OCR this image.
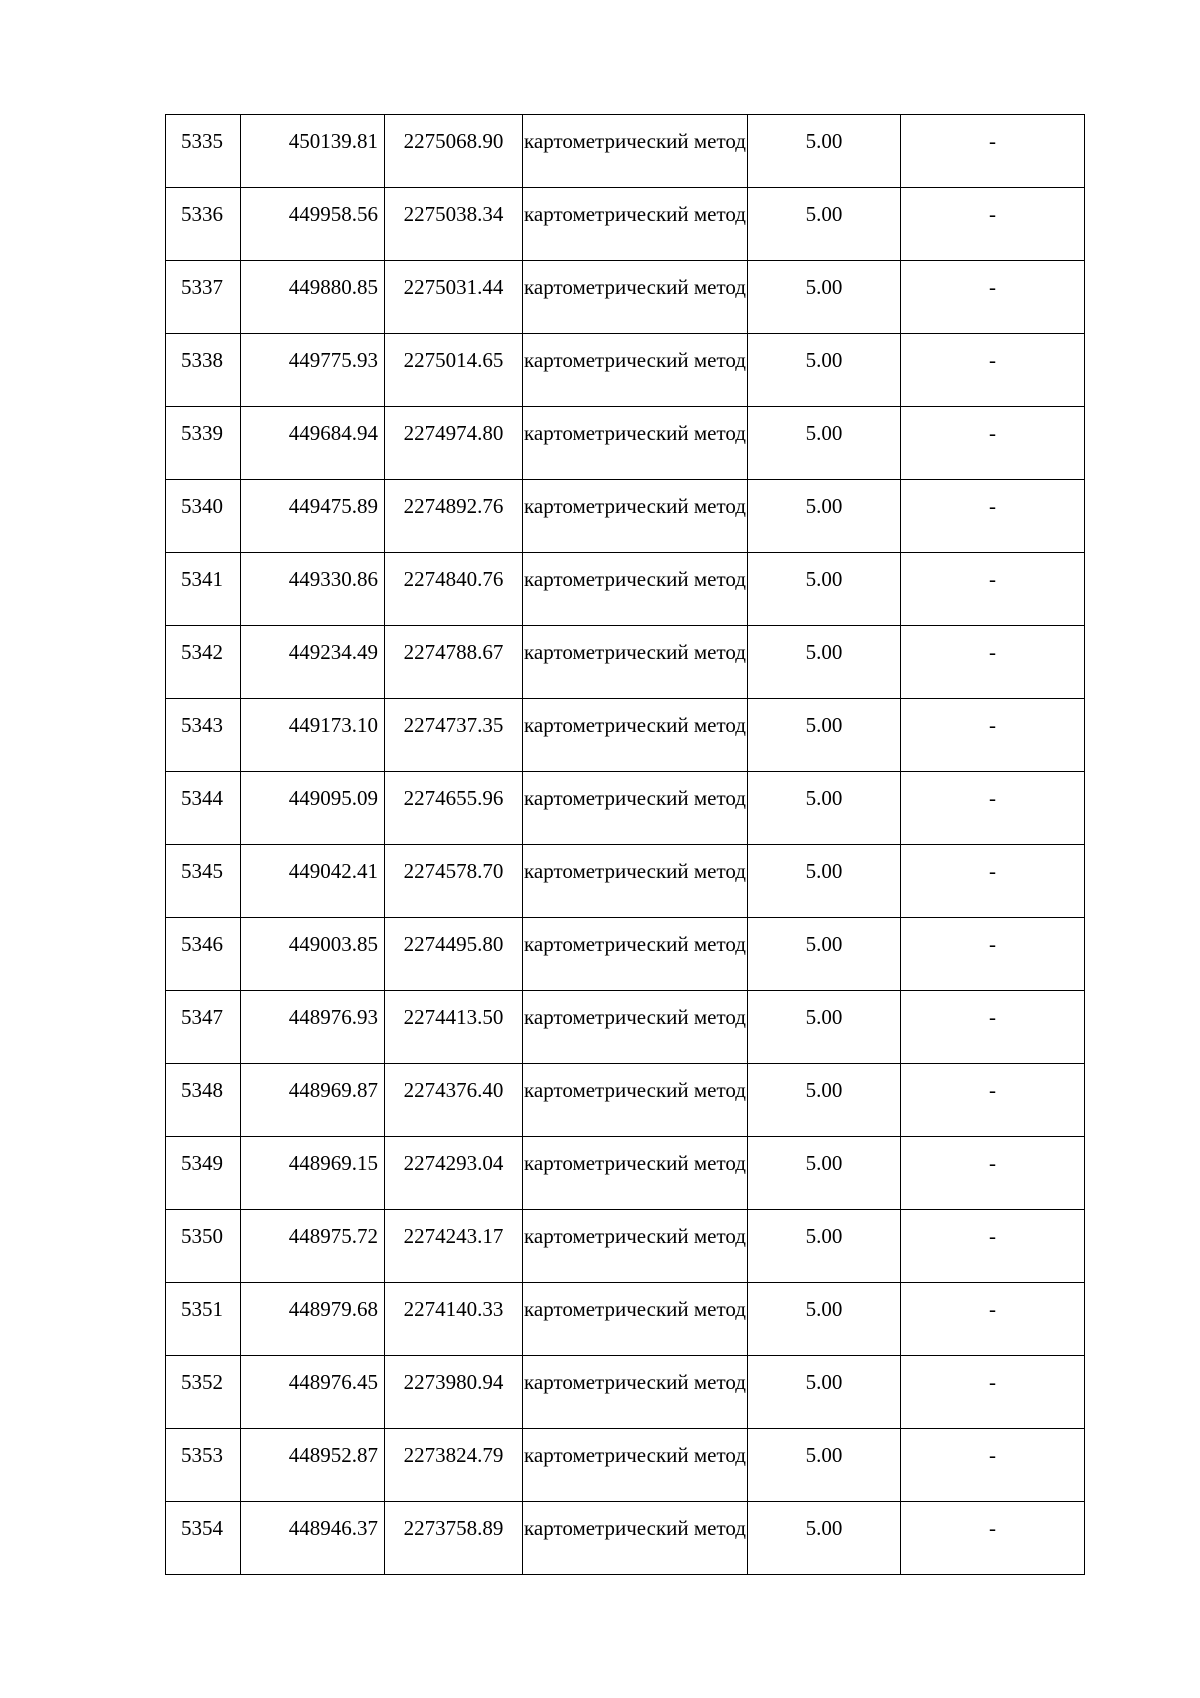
5335	450139.81	2275068.90	картометрический метод	5.00	-
5336	449958.56	2275038.34	картометрический метод	5.00	-
5337	449880.85	2275031.44	картометрический метод	5.00	-
5338	449775.93	2275014.65	картометрический метод	5.00	-
5339	449684.94	2274974.80	картометрический метод	5.00	-
5340	449475.89	2274892.76	картометрический метод	5.00	-
5341	449330.86	2274840.76	картометрический метод	5.00	-
5342	449234.49	2274788.67	картометрический метод	5.00	-
5343	449173.10	2274737.35	картометрический метод	5.00	-
5344	449095.09	2274655.96	картометрический метод	5.00	-
5345	449042.41	2274578.70	картометрический метод	5.00	-
5346	449003.85	2274495.80	картометрический метод	5.00	-
5347	448976.93	2274413.50	картометрический метод	5.00	-
5348	448969.87	2274376.40	картометрический метод	5.00	-
5349	448969.15	2274293.04	картометрический метод	5.00	-
5350	448975.72	2274243.17	картометрический метод	5.00	-
5351	448979.68	2274140.33	картометрический метод	5.00	-
5352	448976.45	2273980.94	картометрический метод	5.00	-
5353	448952.87	2273824.79	картометрический метод	5.00	-
5354	448946.37	2273758.89	картометрический метод	5.00	-
